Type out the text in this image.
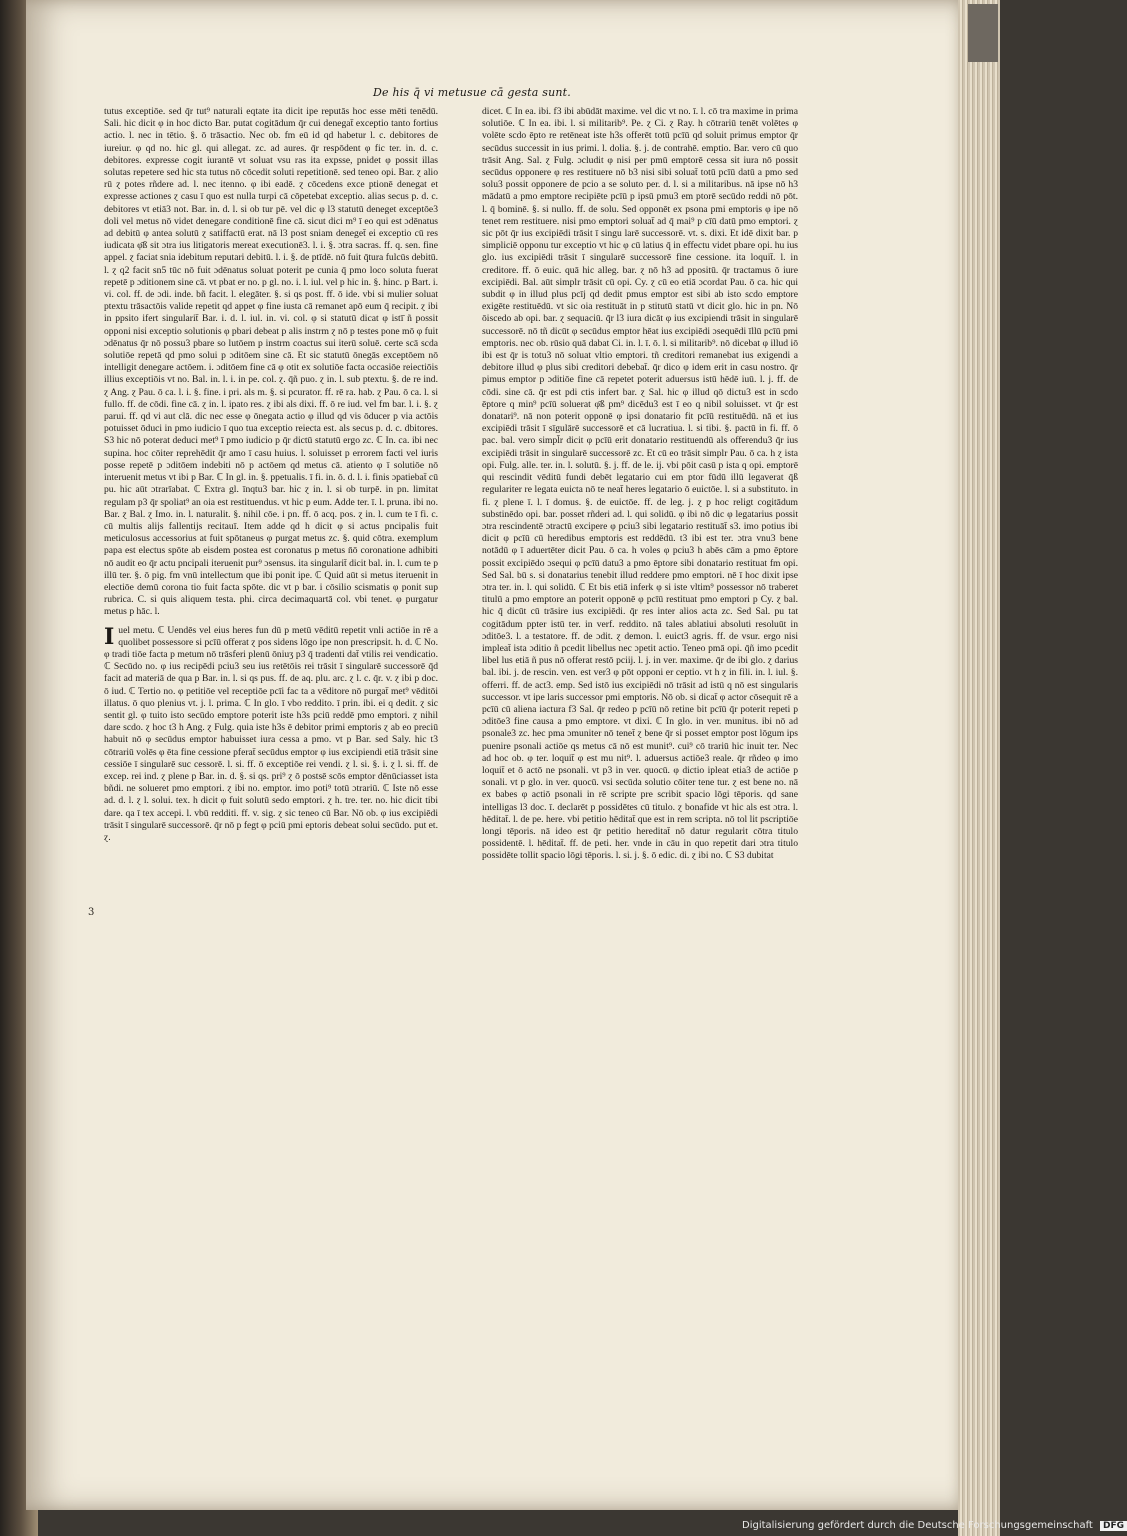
De his q̄ vi metusue cā gesta sunt.

tutus exceptiōe. sed q̄r tut⁹ naturali eqtate ita dicit ipe reputās hoc esse mēti tenēdū. Sali. hic dicit φ in hoc dicto Bar. putat cogitādum q̄r cui denegat̄ exceptio tanto fortius actio. l. nec in tētio. §. ō trāsactio. Nec ob. fm eū id qd habetur l. c. debitores de iureiur. φ qd no. hic gl. qui allegat. zc. ad aures. q̄r respōdent φ fic ter. in. d. c. debitores. expresse cogit iurantē vt soluat vsu ras ita expsse, pnidet φ possit illas solutas repetere sed hic sta tutus nō cōcedit soluti repetitionē. sed teneo opi. Bar. ɀ alio rū ɀ potes rñdere ad. l. nec itenno. φ ibi eadē. ɀ cōcedens exce ptionē denegat et expresse actiones ɀ casu ī quo est nulla turpi cā cōpetebat exceptio. alias secus p. d. c. debitores vt etiā3 not. Bar. in. d. l. si ob tur pē. vel dic φ l3 statutū deneget exceptōe3 doli vel metus nō videt denegare conditionē fine cā. sicut dici m⁹ ī eo qui est ɔdēnatus ad debitū φ antea solutū ɀ satiffactū erat. nā l3 post sniam deneget̄ ei exceptio cū res iudicata φ̄ß sit ɔtra ius litigatoris mereat executionē3. l. i. §. ɔtra sacras. ff. q. sen. fine appel. ɀ faciat snia idebitum reputari debitū. l. i. §. de ptīdē. nō fuit q̄tura fulcūs debitū. l. ɀ q2 facit sn5 tūc nō fuit ɔdēnatus soluat poterit pe cunia q̄ pmo loco soluta fuerat repetē p ɔditionem sine cā. vt pbat er no. p gl. no. i. l. iul. vel p hic in. §. hinc. p Bart. i. vi. col. ff. de ɔdi. inde. bñ facit. l. elegāter. §. si qs post. ff. ō ide. vbi si mulier soluat ptextu trāsactōis valide repetit qd appet φ fine iusta cā remanet apō eum q̄ recipit. ɀ ibi in ppsito ifert singularit̄ Bar. i. d. l. iul. in. vi. col. φ si statutū dicat φ istī̄ ñ possit opponi nisi exceptio solutionis φ pbari debeat p alis instrm ɀ nō p testes pone mō φ fuit ɔdēnatus q̄r nō possu3 pbare so lutōem p instrm coactus sui iterū soluē. certe scā scda solutiōe repetā qd pmo solui p ɔditōem sine cā. Et sic statutū ōnegās exceptōem nō intelligit denegare actōem. i. ɔditōem fine cā φ otit ex solutiōe facta occasiōe reiectiōis illius exceptiōis vt no. Bal. in. l. i. in pe. col. ɀ. q̄ñ puo. ɀ in. l. sub ptextu. §. de re ind. ɀ Ang. ɀ Pau. ō ca. l. i. §. fine. i pri. als m. §. si pcurator. ff. rē ra. hab. ɀ Pau. ō ca. l. si fullo. ff. de cōdi. fine cā. ɀ in. l. ipato res. ɀ ibi als dixi. ff. ō re iud. vel fm bar. l. i. §. ɀ parui. ff. qd vi aut clā. dic nec esse φ ōnegata actio φ illud qd vis ōducer p via actōis potuisset ōduci in pmo iudicio ī quo tua exceptio reiecta est. als secus p. d. c. dbitores. S3 hic nō poterat deduci met⁹ ī pmo iudicio p q̄r dictū statutū ergo zc. ℂ In. ca. ibi nec supina. hoc cōiter reprehēdit q̄r amo ī casu huius. l. soluisset p errorem facti vel iuris posse repetē p ɔditōem indebiti nō p actōem qd metus cā. atiento φ ī solutiōe nō interuenit metus vt ibi p Bar. ℂ In gl. in. §. ppetualis. ī fi. in. ō. d. l. i. finis ɔpatiebat̄ cū pu. hic aūt ɔtrarīabat. ℂ Extra gl. īnqtu3 bar. hic ɀ in. l. si ob turpē. in pn. limitat regulam p3 q̄r spoliat⁹ an oia est restituendus. vt hic p eum. Adde ter. ī. l. pruna. ibi no. Bar. ɀ Bal. ɀ Imo. in. l. naturalit. §. nihil cōe. i pn. ff. ō acq. pos. ɀ in. l. cum te ī fi. c. cū multis alijs fallentijs recitauī. Item adde qd h dicit φ si actus pncipalis fuit meticulosus accessorius at fuit spōtaneus φ purgat metus zc. §. quid cōtra. exemplum papa est electus spōte ab eisdem postea est coronatus p metus n̄ō coronatione adhibiti nō audit eo q̄r actu pncipali iteruenit pur⁹ ɔsensus. ita singularit̄ dicit bal. in. l. cum te p illū ter. §. ō pig. fm vnū intellectum que ibi ponit ipe. ℂ Quid aūt si metus iteruenit in electiōe demū corona tio fuit facta spōte. dic vt p bar. i cōsilio scismatis φ ponit sup rubrica. C. si quis aliquem testa. phi. circa decimaquartā col. vbi tenet. φ purgatur metus p hāc. l.

I uel metu. ℂ Uendēs vel eius heres fun dū p metū vēditū repetit vnli actiōe in rē a quolibet possessore si pcīū offerat ɀ pos sidens lōgo ipe non prescripsit. h. d. ℂ No. φ tradi tiōe facta p metum nō trāsferi plenū ōniuʒ p3 q̄ tradenti dat̄ vtilis rei vendicatio. ℂ Secūdo no. φ ius recipēdi pciu3 seu ius retētōis rei trāsit ī singularē successorē q̄d facit ad materiā de qua p Bar. in. l. si qs pus. ff. de aq. plu. arc. ɀ l. c. q̄r. v. ɀ ibi p doc. ō iud. ℂ Tertio no. φ petitiōe vel receptiōe pcīi fac ta a vēditore nō purgat̄ met⁹ vēditōi illatus. ō quo plenius vt. j. l. prima. ℂ In glo. ī vbo reddito. ī prin. ibi. ei q dedit. ɀ sic sentit gl. φ tuito isto secūdo emptore poterit iste h3s pciū reddē pmo emptori. ɀ nihil dare scdo. ɀ hoc t3 h Ang. ɀ Fulg. quia iste h3s ē debitor primi emptoris ɀ ab eo preciū habuit nō φ secūdus emptor habuisset iura cessa a pmo. vt p Bar. sed Saly. hic t3 cōtrariū volēs φ ēta fine cessione pferat̄ secūdus emptor φ ius excipiendi etiā trāsit sine cessiōe ī singularē suc cessorē. l. si. ff. ō exceptiōe rei vendi. ɀ l. si. §. i. ɀ l. si. ff. de excep. rei ind. ɀ plene p Bar. in. d. §. si qs. pri⁹ ɀ ō postsē scōs emptor dēnūciasset ista bñdi. ne solueret pmo emptori. ɀ ibi no. emptor. imo poti⁹ totū ɔtrariū. ℂ Iste nō esse ad. d. l. ɀ l. solui. tex. h dicit φ fuit solutū sedo emptori. ɀ h. tre. ter. no. hic dicit tibi dare. qa ī tex accepi. l. vbū redditi. ff. v. sig. ɀ sic teneo cū Bar. Nō ob. φ ius excipiēdi trāsit ī singularē successorē. q̄r nō p fegt φ pciū pmi eptoris debeat solui secūdo. put et. ɀ.

3

dicet. ℂ In ea. ibi. f3 ibi abūdāt maxime. vel dic vt no. ī. l. cō tra maxime in prima solutiōe. ℂ In ea. ibi. l. si militarib⁹. Pe. ɀ Ci. ɀ Ray. h cōtrariū tenēt volētes φ volēte scdo ēpto re retēneat iste h3s offerēt totū pcīū qd soluit primus emptor q̄r secūdus successit in ius primi. l. dolia. §. j. de contrahē. emptio. Bar. vero cū quo trāsit Ang. Sal. ɀ Fulg. ɔcludit φ nisi per pmū emptorē cessa sit iura nō possit secūdus opponere φ res restituere nō b3 nisi sibi soluat̄ totū pcīū datū a pmo sed solu3 possit opponere de pcio a se soluto per. d. l. si a militaribus. nā ipse nō h3 mādatū a pmo emptore recipiēte pcīū p ipsū pmu3 em ptorē secūdo reddi nō pōt. l. q̄ bominē. §. si nullo. ff. de solu. Sed opponēt ex psona pmi emptoris φ ipe nō tenet rem restituere. nisi pmo emptori soluat̄ ad q̄ mai⁹ p cīū datū pmo emptori. ɀ sic pōt q̄r ius excipiēdi trāsit ī singu larē successorē. vt. s. dixi. Et idē dixit bar. p simpliciē opponu tur exceptio vt hic φ cū latius q̄ in effectu videt pbare opi. hu ius glo. ius excipiēdi trāsit ī singularē successorē fine cessione. ita loquit̄. l. in creditore. ff. ō euic. quā hic alleg. bar. ɀ nō h3 ad ppositū. q̄r tractamus ō iure excipiēdi. Bal. aūt simplr trāsit cū opi. Cy. ɀ cū eo etiā ɔcordat Pau. ō ca. hic qui subdit φ in illud plus pcīj qd dedit pmus emptor est sibi ab isto scdo emptore exigēte restituēdū. vt sic oia restituāt in p stitutū statū vt dicit glo. hic in pn. Nō ōiscedo ab opi. bar. ɀ sequaciū. q̄r l3 iura dicāt φ ius excipiendi trāsit in singularē successorē. nō tñ dicūt φ secūdus emptor hēat ius excipiēdi ɔsequēdi īllū pcīū pmi emptoris. nec ob. rūsio quā dabat Ci. in. l. ī. ō. l. si militarib⁹. nō dicebat φ illud iō ibi est q̄r is totu3 nō soluat vltio emptori. tñ creditori remanebat ius exigendi a debitore illud φ plus sibi creditori debebat̄. q̄r dico φ idem erit in casu nostro. q̄r pimus emptor p ɔditiōe fine cā repetet poterit aduersus istū hēdē iuū. l. j. ff. de cōdi. sine cā. q̄r est pdi ctis infert bar. ɀ Sal. hic φ illud qō dictu3 est in scdo ēptore q min⁹ pcīū soluerat φ̄ß pm⁹ dicēdu3 est ī eo q nibil soluisset. vt q̄r est donatari⁹. nā non poterit opponē φ ipsi donatario fit pcīū restituēdū. nā et ius excipiēdi trāsit ī sīgulārē successorē et cā lucratiua. l. si tibi. §. pactū in fi. ff. ō pac. bal. vero simpl̄r dicit φ pcīū erit donatario restituendū als offerendu3 q̄r ius excipiēdi trāsit in singularē successorē zc. Et cū eo trāsit simplr Pau. ō ca. h ɀ ista opi. Fulg. alle. ter. in. l. solutū. §. j. ff. de le. ij. vbi pōit casū p ista q opi. emptorē qui rescindit vēditū fundi debēt legatario cui em ptor fūdū illū legaverat q̄ß regulariter re legata euicta nō te neat̄ heres legatario ō euictōe. l. si a substituto. in fi. ɀ plene ī. l. ī domus. §. de euictōe. ff. de leg. j. ɀ p hoc religt cogitādum substinēdo opi. bar. posset rñderi ad. l. qui solidū. φ ibi nō dic φ legatarius possit ɔtra rescindentē ɔtractū excipere φ pciu3 sibi legatario restituāt̄ s3. imo potius ibi dicit φ pcīū cū heredibus emptoris est reddēdū. t3 ibi est ter. ɔtra vnu3 bene notādū φ ī aduertēter dicit Pau. ō ca. h voles φ pciu3 h abēs cām a pmo ēptore possit excipiēdo ɔsequi φ pcīū datu3 a pmo ēptore sibi donatario restituat fm opi. Sed Sal. bū s. si donatarius tenebit illud reddere pmo emptori. nē ī hoc dixit ipse ɔtra ter. in. l. qui solidū. ℂ Et bis etiā inferk φ si iste vltim⁹ possessor nō traberet titulū a pmo emptore an poterit opponē φ pcīū restituat pmo emptori p Cy. ɀ bal. hic q̄ dicūt cū trāsire ius excipiēdi. q̄r res inter alios acta zc. Sed Sal. pu tat cogitādum ppter istū ter. in verf. reddito. nā tales ablatiui absoluti resoluūt in ɔditōe3. l. a testatore. ff. de ɔdit. ɀ demon. l. euict3 agris. ff. de vsur. ergo nisi impleat̄ ista ɔditio ñ pcedit libellus nec ɔpetit actio. Teneo pmā opi. q̄ñ imo pcedit libel lus etiā ñ pus nō offerat restō pciij. l. j. in ver. maxime. q̄r de ibi glo. ɀ darius bal. ibi. j. de rescin. ven. est ver3 φ pōt opponi er ceptio. vt h ɀ in fili. in. l. iul. §. offerri. ff. de act3. emp. Sed istō ius excipiēdi nō trāsit ad istū q nō est singularis successor. vt ipe laris successor pmi emptoris. Nō ob. si dicat̄ φ actor cōsequit rē a pcīū cū aliena iactura f3 Sal. q̄r redeo p pcīū nō retine bit pcīū q̄r poterit repeti p ɔditōe3 fine causa a pmo emptore. vt dixi. ℂ In glo. in ver. munitus. ibi nō ad psonale3 zc. hec pma ɔmuniter nō tenet̄ ɀ bene q̄r si posset emptor post lōgum ips puenire psonali actiōe qs metus cā nō est munit⁹. cui⁹ cō trariū hic inuit ter. Nec ad hoc ob. φ ter. loquit̄ φ est mu nit⁹. l. aduersus actiōe3 reale. q̄r rñdeo φ imo loquit̄ et ō actō ne psonali. vt p3 in ver. quocū. φ dictio ipleat etia3 de actiōe p sonali. vt p glo. in ver. quocū. vsi secūda solutio cōiter tene tur. ɀ est bene no. nā ex babes φ actiō psonali in rē scripte pre scribit spacio lōgi tēporis. qd sane intelligas l3 doc. ī. declarēt p possidētes cū titulo. ɀ bonafide vt hic als est ɔtra. l. hēditat̄. l. de pe. here. vbi petitio hēditat̄ que est in rem scripta. nō tol lit pscriptiōe longi tēporis. nā ideo est q̄r petitio hereditat̄ nō datur regularit cōtra titulo possidentē. l. hēditat̄. ff. de peti. her. vnde in cāu in quo repetit dari ɔtra titulo possidēte tollit spacio lōgi tēporis. l. si. j. §. ō edic. di. ɀ ibi no. ℂ S3 dubitat

Digitalisierung gefördert durch die Deutsche Forschungsgemeinschaft DFG
